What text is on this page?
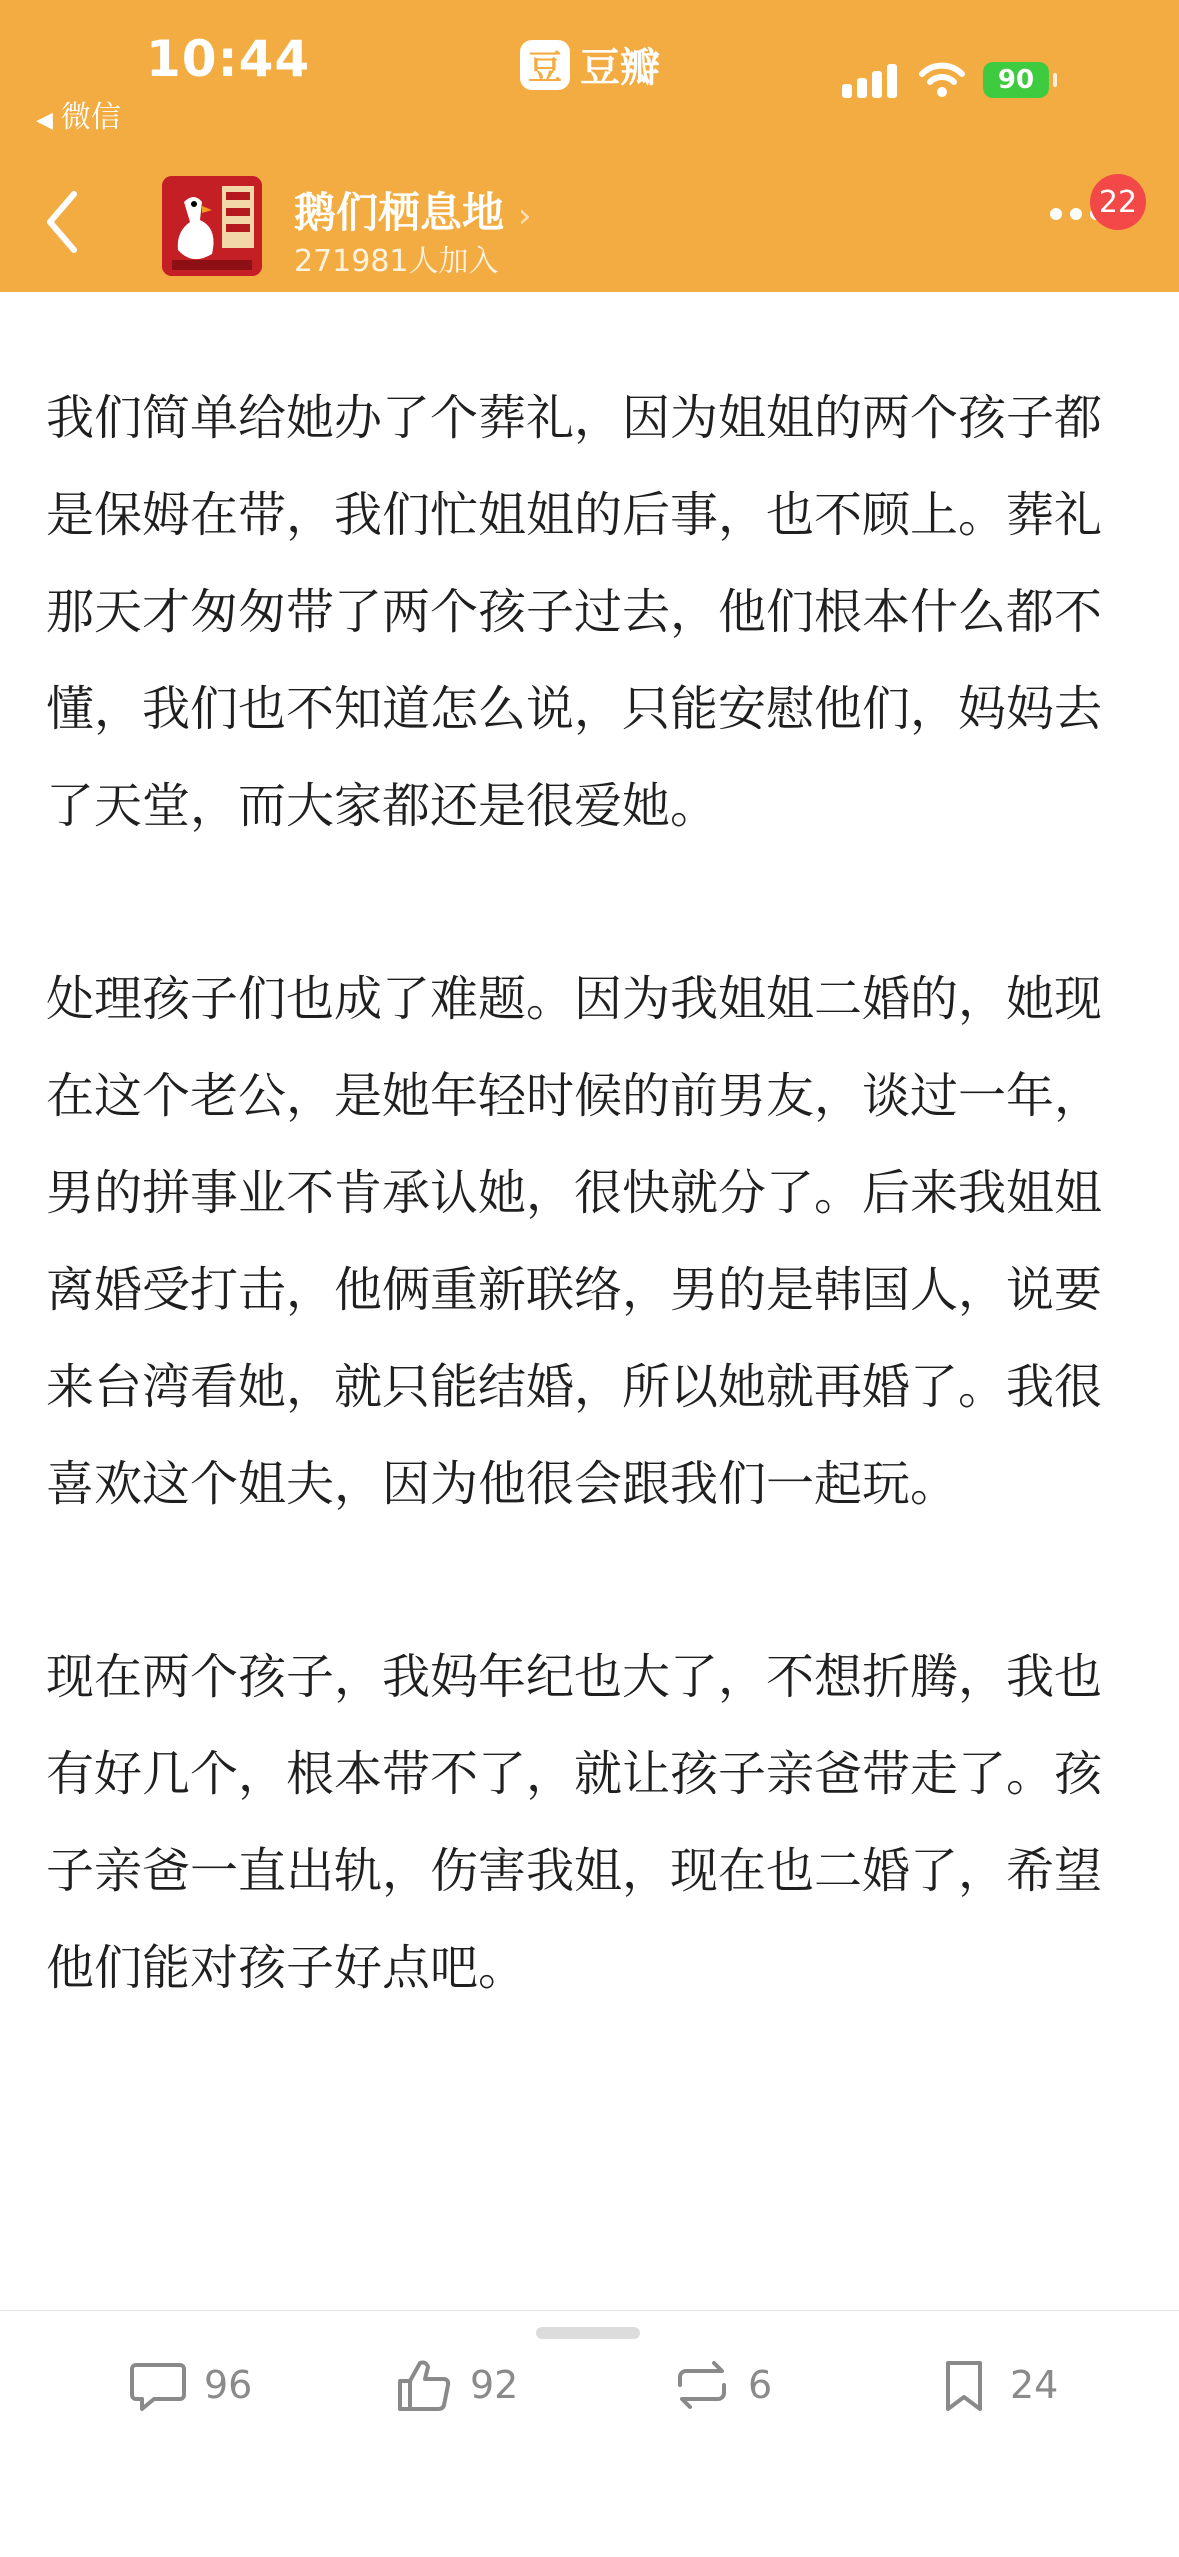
10:44
◀ 微信
豆 豆瓣	90
鹅们栖息地 ›
271981人加入
22

我们简单给她办了个葬礼，因为姐姐的两个孩子都是保姆在带，我们忙姐姐的后事，也不顾上。葬礼那天才匆匆带了两个孩子过去，他们根本什么都不懂，我们也不知道怎么说，只能安慰他们，妈妈去了天堂，而大家都还是很爱她。

处理孩子们也成了难题。因为我姐姐二婚的，她现在这个老公，是她年轻时候的前男友，谈过一年，男的拼事业不肯承认她，很快就分了。后来我姐姐离婚受打击，他俩重新联络，男的是韩国人，说要来台湾看她，就只能结婚，所以她就再婚了。我很喜欢这个姐夫，因为他很会跟我们一起玩。

现在两个孩子，我妈年纪也大了，不想折腾，我也有好几个，根本带不了，就让孩子亲爸带走了。孩子亲爸一直出轨，伤害我姐，现在也二婚了，希望他们能对孩子好点吧。

96	92	6	24
